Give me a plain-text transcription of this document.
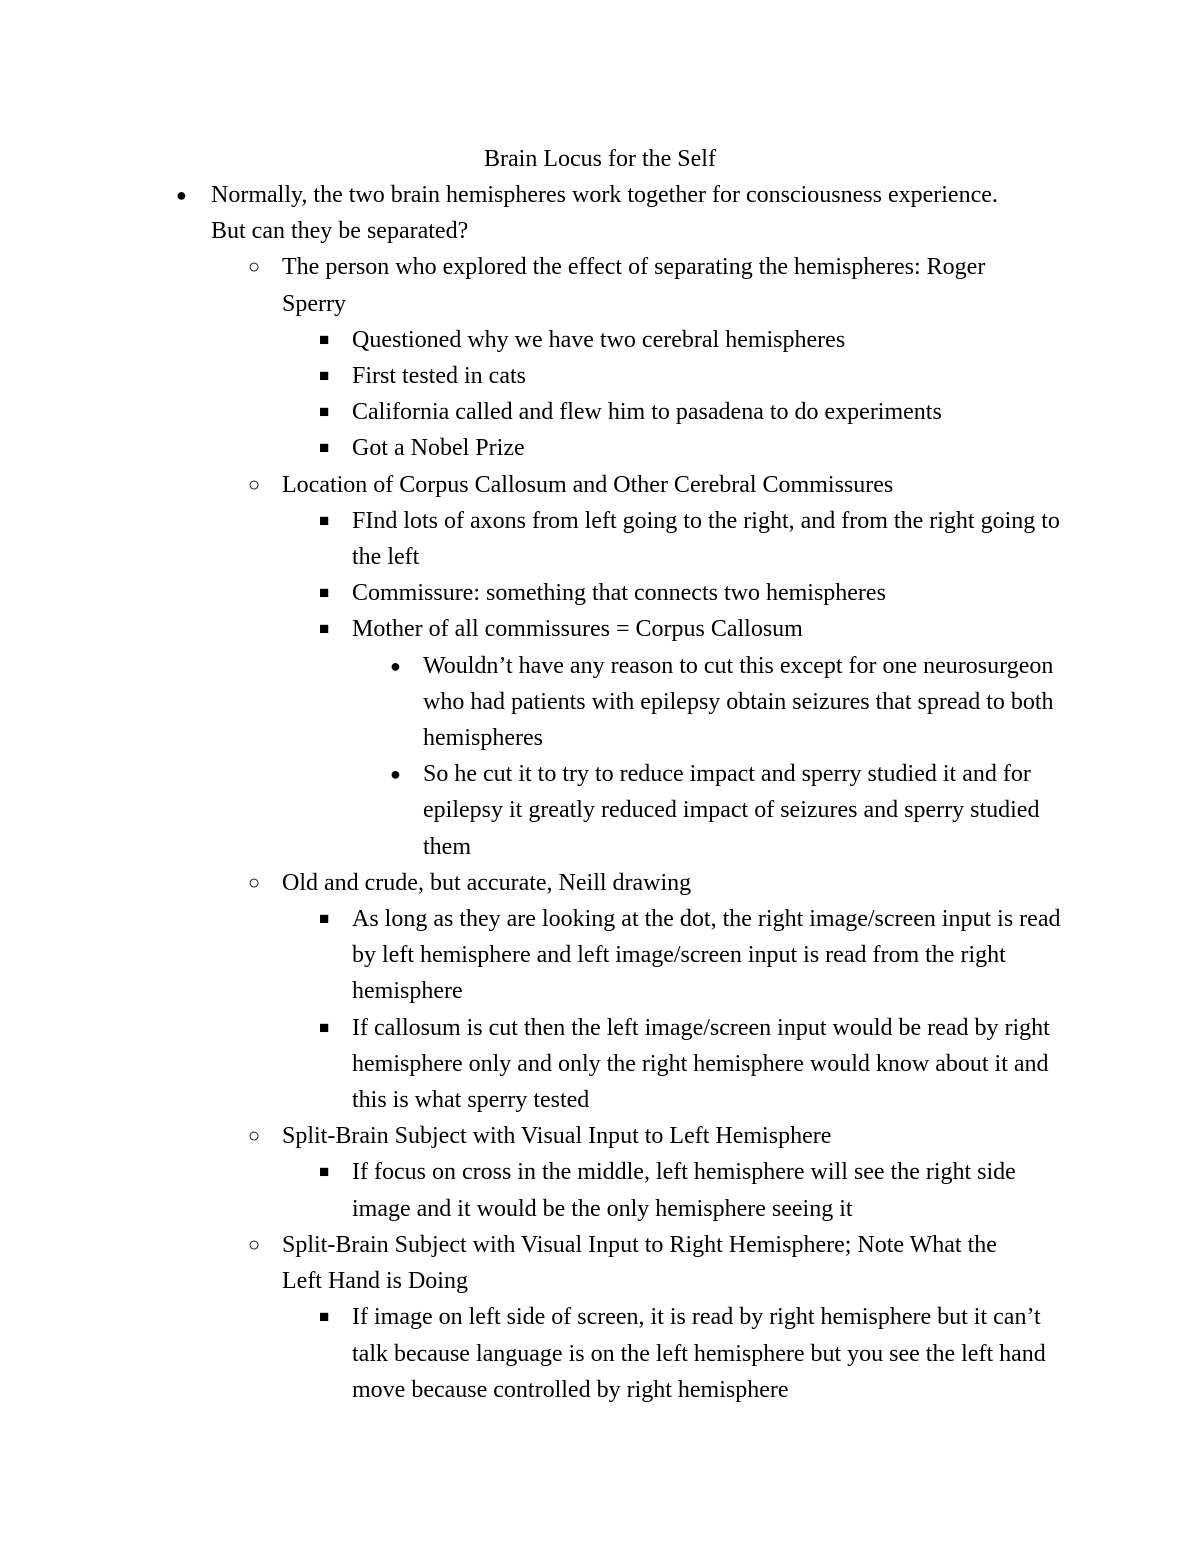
Brain Locus for the Self
● Normally, the two brain hemispheres work together for consciousness experience. But can they be separated?
○ The person who explored the effect of separating the hemispheres: Roger Sperry
■ Questioned why we have two cerebral hemispheres
■ First tested in cats
■ California called and flew him to pasadena to do experiments
■ Got a Nobel Prize
○ Location of Corpus Callosum and Other Cerebral Commissures
■ FInd lots of axons from left going to the right, and from the right going to the left
■ Commissure: something that connects two hemispheres
■ Mother of all commissures = Corpus Callosum
● Wouldn’t have any reason to cut this except for one neurosurgeon who had patients with epilepsy obtain seizures that spread to both hemispheres
● So he cut it to try to reduce impact and sperry studied it and for epilepsy it greatly reduced impact of seizures and sperry studied them
○ Old and crude, but accurate, Neill drawing
■ As long as they are looking at the dot, the right image/screen input is read by left hemisphere and left image/screen input is read from the right hemisphere
■ If callosum is cut then the left image/screen input would be read by right hemisphere only and only the right hemisphere would know about it and this is what sperry tested
○ Split-Brain Subject with Visual Input to Left Hemisphere
■ If focus on cross in the middle, left hemisphere will see the right side image and it would be the only hemisphere seeing it
○ Split-Brain Subject with Visual Input to Right Hemisphere; Note What the Left Hand is Doing
■ If image on left side of screen, it is read by right hemisphere but it can’t talk because language is on the left hemisphere but you see the left hand move because controlled by right hemisphere
